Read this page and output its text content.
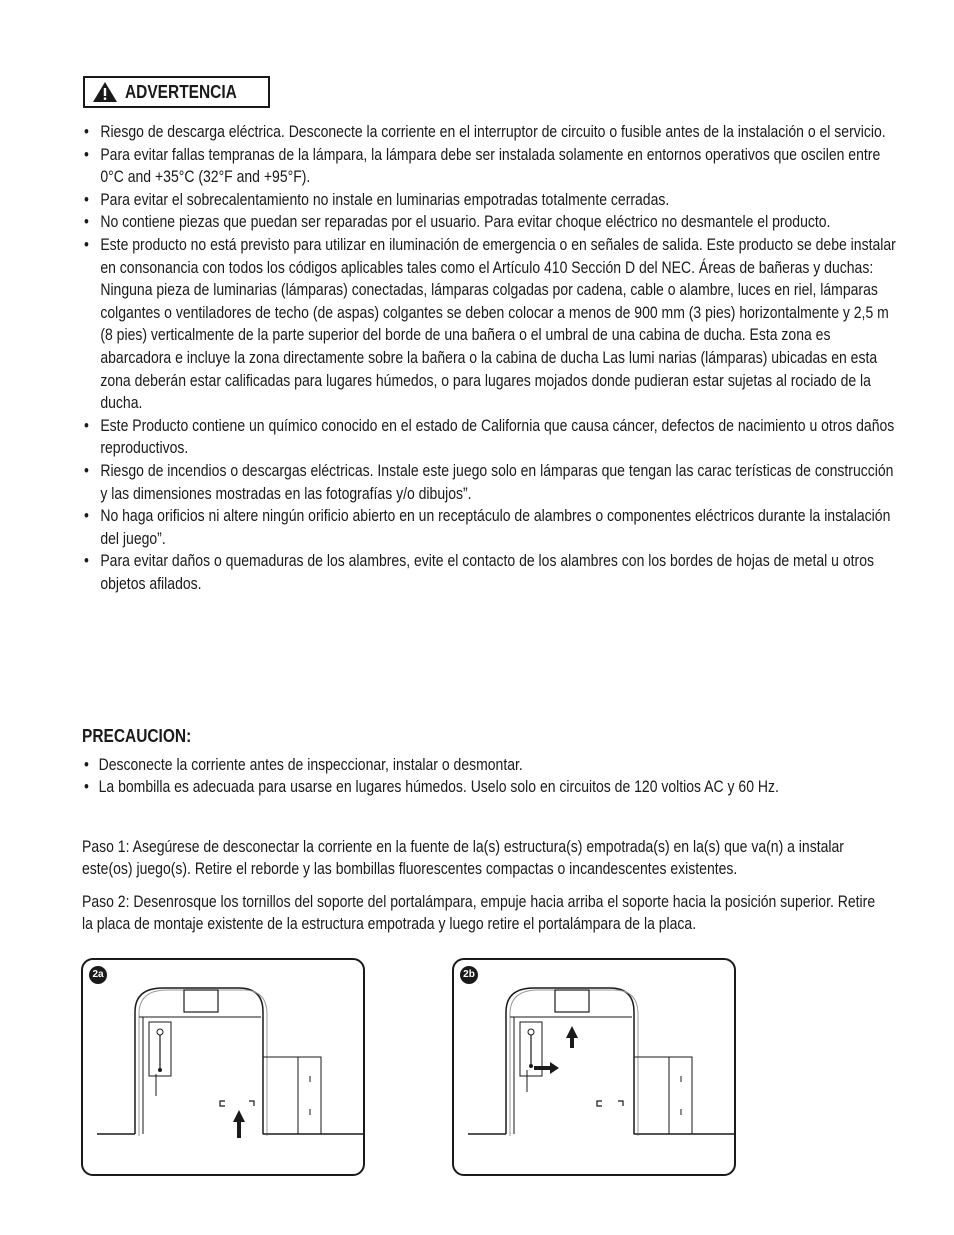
ADVERTENCIA
• Riesgo de descarga eléctrica. Desconecte la corriente en el interruptor de circuito o fusible antes de la instalación o el servicio.
• Para evitar fallas tempranas de la lámpara, la lámpara debe ser instalada solamente en entornos operativos que oscilen entre 0°C and +35°C (32°F and +95°F).
• Para evitar el sobrecalentamiento no instale en luminarias empotradas totalmente cerradas.
• No contiene piezas que puedan ser reparadas por el usuario. Para evitar choque eléctrico no desmantele el producto.
• Este producto no está previsto para utilizar en iluminación de emergencia o en señales de salida. Este producto se debe instalar en consonancia con todos los códigos aplicables tales como el Artículo 410 Sección D del NEC. Áreas de bañeras y duchas: Ninguna pieza de luminarias (lámparas) conectadas, lámparas colgadas por cadena, cable o alambre, luces en riel, lámparas colgantes o ventiladores de techo (de aspas) colgantes se deben colocar a menos de 900 mm (3 pies) horizontalmente y 2,5 m (8 pies) verticalmente de la parte superior del borde de una bañera o el umbral de una cabina de ducha. Esta zona es abarcadora e incluye la zona directamente sobre la bañera o la cabina de ducha Las lumi narias (lámparas) ubicadas en esta zona deberán estar calificadas para lugares húmedos, o para lugares mojados donde pudieran estar sujetas al rociado de la ducha.
• Este Producto contiene un químico conocido en el estado de California que causa cáncer, defectos de nacimiento u otros daños reproductivos.
• Riesgo de incendios o descargas eléctricas. Instale este juego solo en lámparas que tengan las carac terísticas de construcción y las dimensiones mostradas en las fotografías y/o dibujos”.
• No haga orificios ni altere ningún orificio abierto en un receptáculo de alambres o componentes eléctricos durante la instalación del juego”.
• Para evitar daños o quemaduras de los alambres, evite el contacto de los alambres con los bordes de hojas de metal u otros objetos afilados.
PRECAUCION:
• Desconecte la corriente antes de inspeccionar, instalar o desmontar.
• La bombilla es adecuada para usarse en lugares húmedos. Uselo solo en circuitos de 120 voltios AC y 60 Hz.
Paso 1: Asegúrese de desconectar la corriente en la fuente de la(s) estructura(s) empotrada(s) en la(s) que va(n) a instalar este(os) juego(s). Retire el reborde y las bombillas fluorescentes compactas o incandescentes existentes.
Paso 2: Desenrosque los tornillos del soporte del portalámpara, empuje hacia arriba el soporte hacia la posición superior. Retire la placa de montaje existente de la estructura empotrada y luego retire el portalámpara de la placa.
2a	2b
